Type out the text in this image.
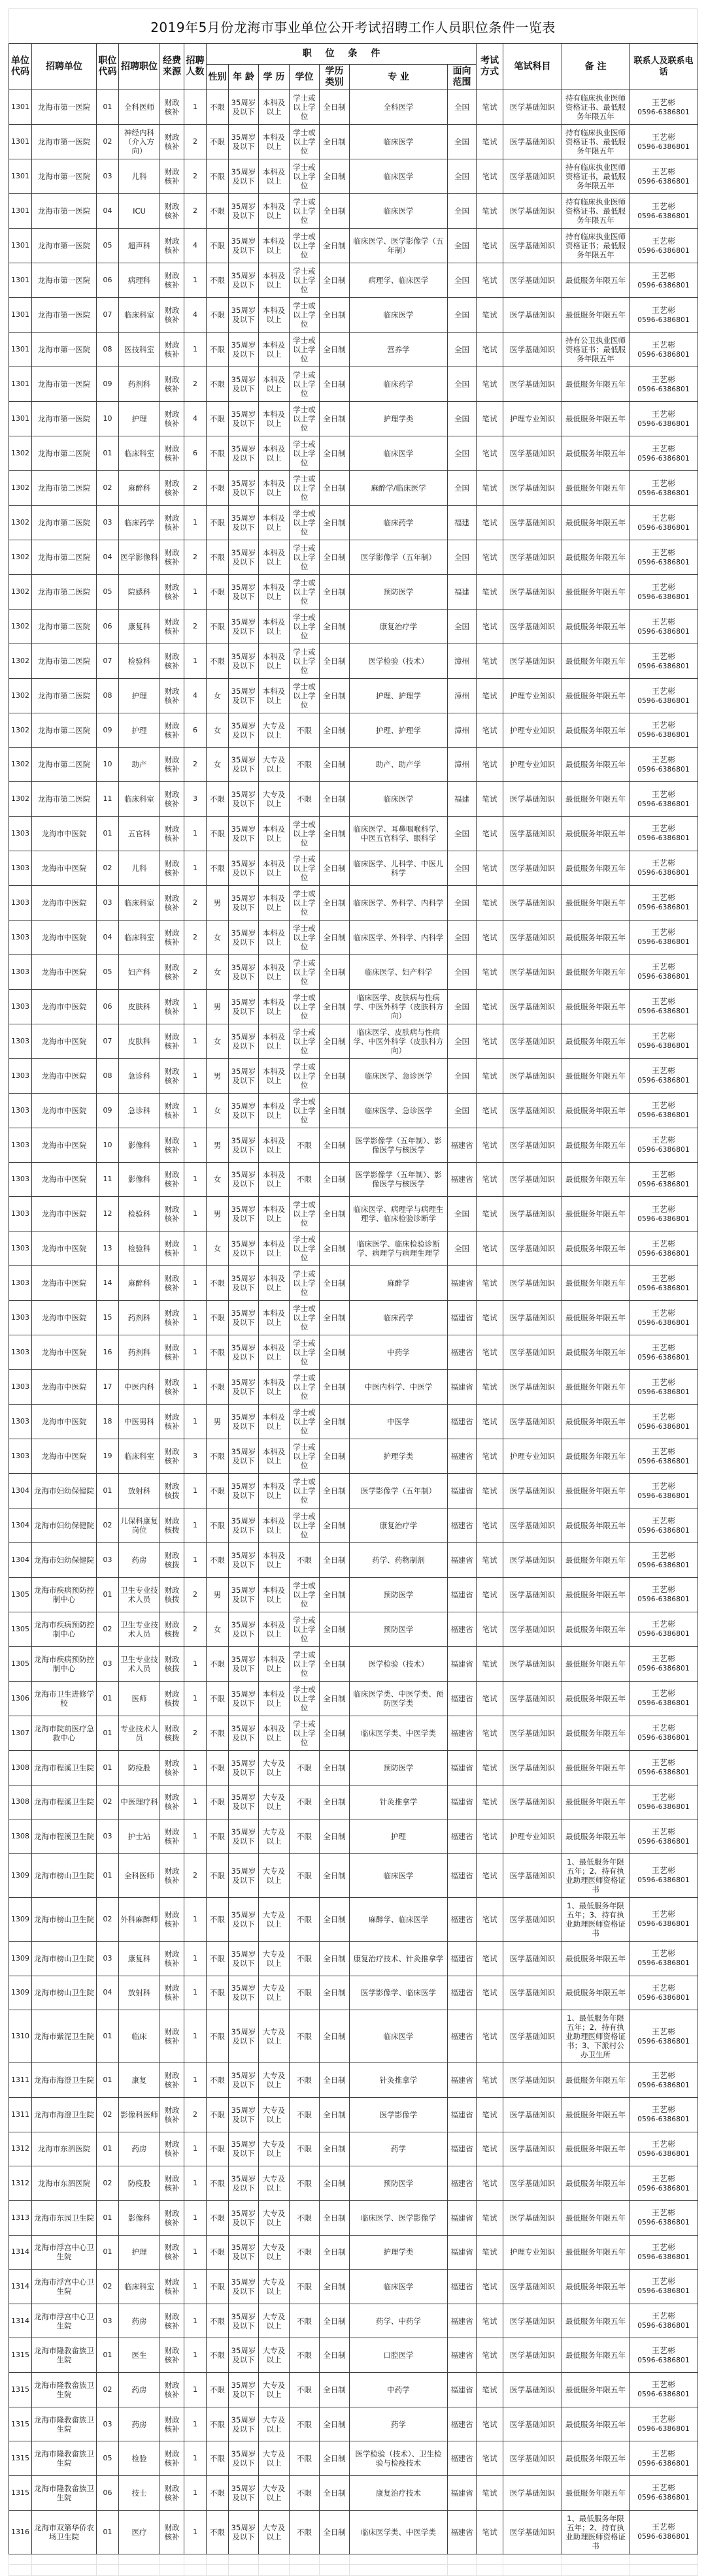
2019年5月份龙海市事业单位公开考试招聘工作人员职位条件一览表
单位代码	招聘单位	职位代码	招聘职位	经费来源	招聘人数	职 位 条 件							考试方式	笔试科目	备 注	联系人及联系电话
						性别	年 龄	学 历	学位	学历类别	专 业	面向范围				
1301	龙海市第一医院	01	全科医师	财政核补	1	不限	35周岁及以下	本科及以上	学士或以上学位	全日制	全科医学	全国	笔试	医学基础知识	持有临床执业医师资格证书、最低服务年限五年	王艺彬
0596-6386801

1301	龙海市第一医院	02	神经内科（介入方向）	财政核补	2	不限	35周岁及以下	本科及以上	学士或以上学位	全日制	临床医学	全国	笔试	医学基础知识	持有临床执业医师资格证书、最低服务年限五年	王艺彬
0596-6386801

1301	龙海市第一医院	03	儿科	财政核补	2	不限	35周岁及以下	本科及以上	学士或以上学位	全日制	临床医学	全国	笔试	医学基础知识	持有临床执业医师资格证书，最低服务年限五年	王艺彬
0596-6386801

1301	龙海市第一医院	04	ICU	财政核补	2	不限	35周岁及以下	本科及以上	学士或以上学位	全日制	临床医学	全国	笔试	医学基础知识	持有临床执业医师资格证书、最低服务年限五年	王艺彬
0596-6386801

1301	龙海市第一医院	05	超声科	财政核补	4	不限	35周岁及以下	本科及以上	学士或以上学位	全日制	临床医学、医学影像学（五年制）	全国	笔试	医学基础知识	持有临床执业医师资格证书；最低服务年限五年	王艺彬
0596-6386801

1301	龙海市第一医院	06	病理科	财政核补	1	不限	35周岁及以下	本科及以上	学士或以上学位	全日制	病理学、临床医学	全国	笔试	医学基础知识	最低服务年限五年	王艺彬
0596-6386801

1301	龙海市第一医院	07	临床科室	财政核补	4	不限	35周岁及以下	本科及以上	学士或以上学位	全日制	临床医学	全国	笔试	医学基础知识	最低服务年限五年	王艺彬
0596-6386801

1301	龙海市第一医院	08	医技科室	财政核补	1	不限	35周岁及以下	本科及以上	学士或以上学位	全日制	营养学	全国	笔试	医学基础知识	持有公卫执业医师资格证书；最低服务年限五年	王艺彬
0596-6386801

1301	龙海市第一医院	09	药剂科	财政核补	2	不限	35周岁及以下	本科及以上	学士或以上学位	全日制	临床药学	全国	笔试	医学基础知识	最低服务年限五年	王艺彬
0596-6386801

1301	龙海市第一医院	10	护理	财政核补	4	不限	35周岁及以下	本科及以上	学士或以上学位	全日制	护理学类	全国	笔试	护理专业知识	最低服务年限五年	王艺彬
0596-6386801

1302	龙海市第二医院	01	临床科室	财政核补	6	不限	35周岁及以下	本科及以上	学士或以上学位	全日制	临床医学	全国	笔试	医学基础知识	最低服务年限五年	王艺彬
0596-6386801

1302	龙海市第二医院	02	麻醉科	财政核补	2	不限	35周岁及以下	本科及以上	学士或以上学位	全日制	麻醉学/临床医学	全国	笔试	医学基础知识	最低服务年限五年	王艺彬
0596-6386801

1302	龙海市第二医院	03	临床药学	财政核补	1	不限	35周岁及以下	本科及以上	学士或以上学位	全日制	临床药学	福建	笔试	医学基础知识	最低服务年限五年	王艺彬
0596-6386801

1302	龙海市第二医院	04	医学影像科	财政核补	2	不限	35周岁及以下	本科及以上	学士或以上学位	全日制	医学影像学（五年制）	全国	笔试	医学基础知识	最低服务年限五年	王艺彬
0596-6386801

1302	龙海市第二医院	05	院感科	财政核补	1	不限	35周岁及以下	本科及以上	学士或以上学位	全日制	预防医学	福建	笔试	医学基础知识	最低服务年限五年	王艺彬
0596-6386801

1302	龙海市第二医院	06	康复科	财政核补	2	不限	35周岁及以下	本科及以上	学士或以上学位	全日制	康复治疗学	全国	笔试	医学基础知识	最低服务年限五年	王艺彬
0596-6386801

1302	龙海市第二医院	07	检验科	财政核补	1	不限	35周岁及以下	本科及以上	学士或以上学位	全日制	医学检验（技术）	漳州	笔试	医学基础知识	最低服务年限五年	王艺彬
0596-6386801

1302	龙海市第二医院	08	护理	财政核补	4	女	35周岁及以下	本科及以上	学士或以上学位	全日制	护理、护理学	漳州	笔试	护理专业知识	最低服务年限五年	王艺彬
0596-6386801

1302	龙海市第二医院	09	护理	财政核补	6	女	35周岁及以下	大专及以上	不限	全日制	护理、护理学	漳州	笔试	护理专业知识	最低服务年限五年	王艺彬
0596-6386801

1302	龙海市第二医院	10	助产	财政核补	2	女	35周岁及以下	大专及以上	不限	全日制	助产、助产学	漳州	笔试	护理专业知识	最低服务年限五年	王艺彬
0596-6386801

1302	龙海市第二医院	11	临床科室	财政核补	3	不限	35周岁及以下	大专及以上	不限	全日制	临床医学	福建	笔试	医学基础知识	最低服务年限五年	王艺彬
0596-6386801

1303	龙海市中医院	01	五官科	财政核补	1	不限	35周岁及以下	本科及以上	学士或以上学位	全日制	临床医学、耳鼻咽喉科学、中医五官科学、眼科学	全国	笔试	医学基础知识	最低服务年限五年	王艺彬
0596-6386801

1303	龙海市中医院	02	儿科	财政核补	1	不限	35周岁及以下	本科及以上	学士或以上学位	全日制	临床医学、儿科学、中医儿科学	全国	笔试	医学基础知识	最低服务年限五年	王艺彬
0596-6386801

1303	龙海市中医院	03	临床科室	财政核补	2	男	35周岁及以下	本科及以上	学士或以上学位	全日制	临床医学、外科学、内科学	全国	笔试	医学基础知识	最低服务年限五年	王艺彬
0596-6386801

1303	龙海市中医院	04	临床科室	财政核补	2	女	35周岁及以下	本科及以上	学士或以上学位	全日制	临床医学、外科学、内科学	全国	笔试	医学基础知识	最低服务年限五年	王艺彬
0596-6386801

1303	龙海市中医院	05	妇产科	财政核补	2	女	35周岁及以下	本科及以上	学士或以上学位	全日制	临床医学、妇产科学	全国	笔试	医学基础知识	最低服务年限五年	王艺彬
0596-6386801

1303	龙海市中医院	06	皮肤科	财政核补	1	男	35周岁及以下	本科及以上	学士或以上学位	全日制	临床医学、皮肤病与性病学、中医外科学（皮肤科方向）	全国	笔试	医学基础知识	最低服务年限五年	王艺彬
0596-6386801

1303	龙海市中医院	07	皮肤科	财政核补	1	女	35周岁及以下	本科及以上	学士或以上学位	全日制	临床医学、皮肤病与性病学、中医外科学（皮肤科方向）	全国	笔试	医学基础知识	最低服务年限五年	王艺彬
0596-6386801

1303	龙海市中医院	08	急诊科	财政核补	1	男	35周岁及以下	本科及以上	学士或以上学位	全日制	临床医学、急诊医学	全国	笔试	医学基础知识	最低服务年限五年	王艺彬
0596-6386801

1303	龙海市中医院	09	急诊科	财政核补	1	女	35周岁及以下	本科及以上	学士或以上学位	全日制	临床医学、急诊医学	全国	笔试	医学基础知识	最低服务年限五年	王艺彬
0596-6386801

1303	龙海市中医院	10	影像科	财政核补	1	男	35周岁及以下	本科及以上	不限	全日制	医学影像学（五年制）、影像医学与核医学	福建省	笔试	医学基础知识	最低服务年限五年	王艺彬
0596-6386801

1303	龙海市中医院	11	影像科	财政核补	1	女	35周岁及以下	本科及以上	不限	全日制	医学影像学（五年制）、影像医学与核医学	福建省	笔试	医学基础知识	最低服务年限五年	王艺彬
0596-6386801

1303	龙海市中医院	12	检验科	财政核补	1	男	35周岁及以下	本科及以上	学士或以上学位	全日制	临床医学、病理学与病理生理学、临床检验诊断学	全国	笔试	医学基础知识	最低服务年限五年	王艺彬
0596-6386801

1303	龙海市中医院	13	检验科	财政核补	1	女	35周岁及以下	本科及以上	学士或以上学位	全日制	临床医学、临床检验诊断学、病理学与病理生理学	全国	笔试	医学基础知识	最低服务年限五年	王艺彬
0596-6386801

1303	龙海市中医院	14	麻醉科	财政核补	1	不限	35周岁及以下	本科及以上	学士或以上学位	全日制	麻醉学	福建省	笔试	医学基础知识	最低服务年限五年	王艺彬
0596-6386801

1303	龙海市中医院	15	药剂科	财政核补	1	不限	35周岁及以下	本科及以上	学士或以上学位	全日制	临床药学	福建省	笔试	医学基础知识	最低服务年限五年	王艺彬
0596-6386801

1303	龙海市中医院	16	药剂科	财政核补	1	不限	35周岁及以下	本科及以上	学士或以上学位	全日制	中药学	福建省	笔试	医学基础知识	最低服务年限五年	王艺彬
0596-6386801

1303	龙海市中医院	17	中医内科	财政核补	1	不限	35周岁及以下	本科及以上	学士或以上学位	全日制	中医内科学、中医学	福建省	笔试	医学基础知识	最低服务年限五年	王艺彬
0596-6386801

1303	龙海市中医院	18	中医男科	财政核补	1	男	35周岁及以下	本科及以上	学士或以上学位	全日制	中医学	福建省	笔试	医学基础知识	最低服务年限五年	王艺彬
0596-6386801

1303	龙海市中医院	19	临床科室	财政核补	3	不限	35周岁及以下	本科及以上	学士或以上学位	全日制	护理学类	福建省	笔试	护理专业知识	最低服务年限五年	王艺彬
0596-6386801

1304	龙海市妇幼保健院	01	放射科	财政核拨	1	不限	35周岁及以下	本科及以上	学士或以上学位	全日制	医学影像学（五年制）	福建省	笔试	医学基础知识	最低服务年限五年	王艺彬
0596-6386801

1304	龙海市妇幼保健院	02	儿保科康复岗位	财政核拨	1	不限	35周岁及以下	本科及以上	学士或以上学位	全日制	康复治疗学	福建省	笔试	医学基础知识	最低服务年限五年	王艺彬
0596-6386801

1304	龙海市妇幼保健院	03	药房	财政核拨	1	不限	35周岁及以下	本科及以上	不限	全日制	药学、药物制剂	福建省	笔试	医学基础知识	最低服务年限五年	王艺彬
0596-6386801

1305	龙海市疾病预防控制中心	01	卫生专业技术人员	财政核拨	2	男	35周岁及以下	本科及以上	学士或以上学位	全日制	预防医学	福建省	笔试	医学基础知识	最低服务年限五年	王艺彬
0596-6386801

1305	龙海市疾病预防控制中心	02	卫生专业技术人员	财政核拨	2	女	35周岁及以下	本科及以上	学士或以上学位	全日制	预防医学	福建省	笔试	医学基础知识	最低服务年限五年	王艺彬
0596-6386801

1305	龙海市疾病预防控制中心	03	卫生专业技术人员	财政核拨	1	不限	35周岁及以下	本科及以上	学士或以上学位	全日制	医学检验（技术）	福建省	笔试	医学基础知识	最低服务年限五年	王艺彬
0596-6386801

1306	龙海市卫生进修学校	01	医师	财政核拨	1	不限	35周岁及以下	本科及以上	学士或以上学位	全日制	临床医学类、中医学类、预防医学类	福建省	笔试	医学基础知识	最低服务年限五年	王艺彬
0596-6386801

1307	龙海市院前医疗急救中心	01	专业技术人员	财政核拨	2	不限	35周岁及以下	本科及以上	学士或以上学位	全日制	临床医学类、中医学类	福建省	笔试	医学基础知识	最低服务年限五年	王艺彬
0596-6386801

1308	龙海市程溪卫生院	01	防疫股	财政核补	1	不限	35周岁及以下	大专及以上	不限	全日制	预防医学	福建省	笔试	医学基础知识	最低服务年限五年	王艺彬
0596-6386801

1308	龙海市程溪卫生院	02	中医理疗科	财政核补	1	不限	35周岁及以下	大专及以上	不限	全日制	针灸推拿学	福建省	笔试	医学基础知识	最低服务年限五年	王艺彬
0596-6386801

1308	龙海市程溪卫生院	03	护士站	财政核补	1	不限	35周岁及以下	大专及以上	不限	全日制	护理	福建省	笔试	护理专业知识	最低服务年限五年	王艺彬
0596-6386801

1309	龙海市榜山卫生院	01	全科医师	财政核补	2	不限	35周岁及以下	大专及以上	不限	全日制	临床医学	福建省	笔试	医学基础知识	1、最低服务年限五年；2、持有执业助理医师资格证书	王艺彬
0596-6386801

1309	龙海市榜山卫生院	02	外科麻醉师	财政核补	1	不限	35周岁及以下	大专及以上	不限	全日制	麻醉学、临床医学	福建省	笔试	医学基础知识	1、最低服务年限五年；3、持有执业助理医师资格证书	王艺彬
0596-6386801

1309	龙海市榜山卫生院	03	康复科	财政核补	1	不限	35周岁及以下	大专及以上	不限	全日制	康复治疗技术、针灸推拿学	福建省	笔试	医学基础知识	最低服务年限五年	王艺彬
0596-6386801

1309	龙海市榜山卫生院	04	放射科	财政核补	1	不限	35周岁及以下	大专及以上	不限	全日制	医学影像学、临床医学	福建省	笔试	医学基础知识	最低服务年限五年	王艺彬
0596-6386801

1310	龙海市紫泥卫生院	01	临床	财政核补	1	不限	35周岁及以下	大专及以上	不限	全日制	临床医学	福建省	笔试	医学基础知识	1、最低服务年限五年；2、持有执业助理医师资格证书；3、下派村公办卫生所	王艺彬
0596-6386801

1311	龙海市海澄卫生院	01	康复	财政核补	1	不限	35周岁及以下	大专及以上	不限	全日制	针灸推拿学	福建省	笔试	医学基础知识	最低服务年限五年	王艺彬
0596-6386801

1311	龙海市海澄卫生院	02	影像科医师	财政核补	2	不限	35周岁及以下	大专及以上	不限	全日制	医学影像学	福建省	笔试	医学基础知识	最低服务年限五年	王艺彬
0596-6386801

1312	龙海市东泗医院	01	药房	财政核补	1	不限	35周岁及以下	大专及以上	不限	全日制	药学	福建省	笔试	医学基础知识	最低服务年限五年	王艺彬
0596-6386801

1312	龙海市东泗医院	02	防疫股	财政核补	1	不限	35周岁及以下	大专及以上	不限	全日制	预防医学	福建省	笔试	医学基础知识	最低服务年限五年	王艺彬
0596-6386801

1313	龙海市东园卫生院	01	影像科	财政核补	1	不限	35周岁及以下	大专及以上	不限	全日制	临床医学、医学影像学	福建省	笔试	医学基础知识	最低服务年限五年	王艺彬
0596-6386801

1314	龙海市浮宫中心卫生院	01	护理	财政核补	1	不限	35周岁及以下	大专及以上	不限	全日制	护理学类	福建省	笔试	护理专业知识	最低服务年限五年	王艺彬
0596-6386801

1314	龙海市浮宫中心卫生院	02	临床科室	财政核补	1	不限	35周岁及以下	大专及以上	不限	全日制	临床医学	福建省	笔试	医学基础知识	最低服务年限五年	王艺彬
0596-6386801

1314	龙海市浮宫中心卫生院	03	药房	财政核补	1	不限	35周岁及以下	大专及以上	不限	全日制	药学、中药学	福建省	笔试	医学基础知识	最低服务年限五年	王艺彬
0596-6386801

1315	龙海市隆教畲族卫生院	01	医生	财政核补	1	不限	35周岁及以下	大专及以上	不限	全日制	口腔医学	福建省	笔试	医学基础知识	最低服务年限五年	王艺彬
0596-6386801

1315	龙海市隆教畲族卫生院	02	药房	财政核补	1	不限	35周岁及以下	大专及以上	不限	全日制	中药学	福建省	笔试	医学基础知识	最低服务年限五年	王艺彬
0596-6386801

1315	龙海市隆教畲族卫生院	03	药房	财政核补	1	不限	35周岁及以下	大专及以上	不限	全日制	药学	福建省	笔试	医学基础知识	最低服务年限五年	王艺彬
0596-6386801

1315	龙海市隆教畲族卫生院	05	检验	财政核补	1	不限	35周岁及以下	大专及以上	不限	全日制	医学检验（技术）、卫生检验与检疫技术	福建省	笔试	医学基础知识	最低服务年限五年	王艺彬
0596-6386801

1315	龙海市隆教畲族卫生院	06	技士	财政核补	1	不限	35周岁及以下	大专及以上	不限	全日制	康复治疗技术	福建省	笔试	医学基础知识	最低服务年限五年	王艺彬
0596-6386801

1316	龙海市双第华侨农场卫生院	01	医疗	财政核补	1	不限	35周岁及以下	大专及以上	不限	全日制	临床医学类、中医学类	福建省	笔试	医学基础知识	1、最低服务年限五年；2、持有执业助理医师资格证书	王艺彬
0596-6386801
